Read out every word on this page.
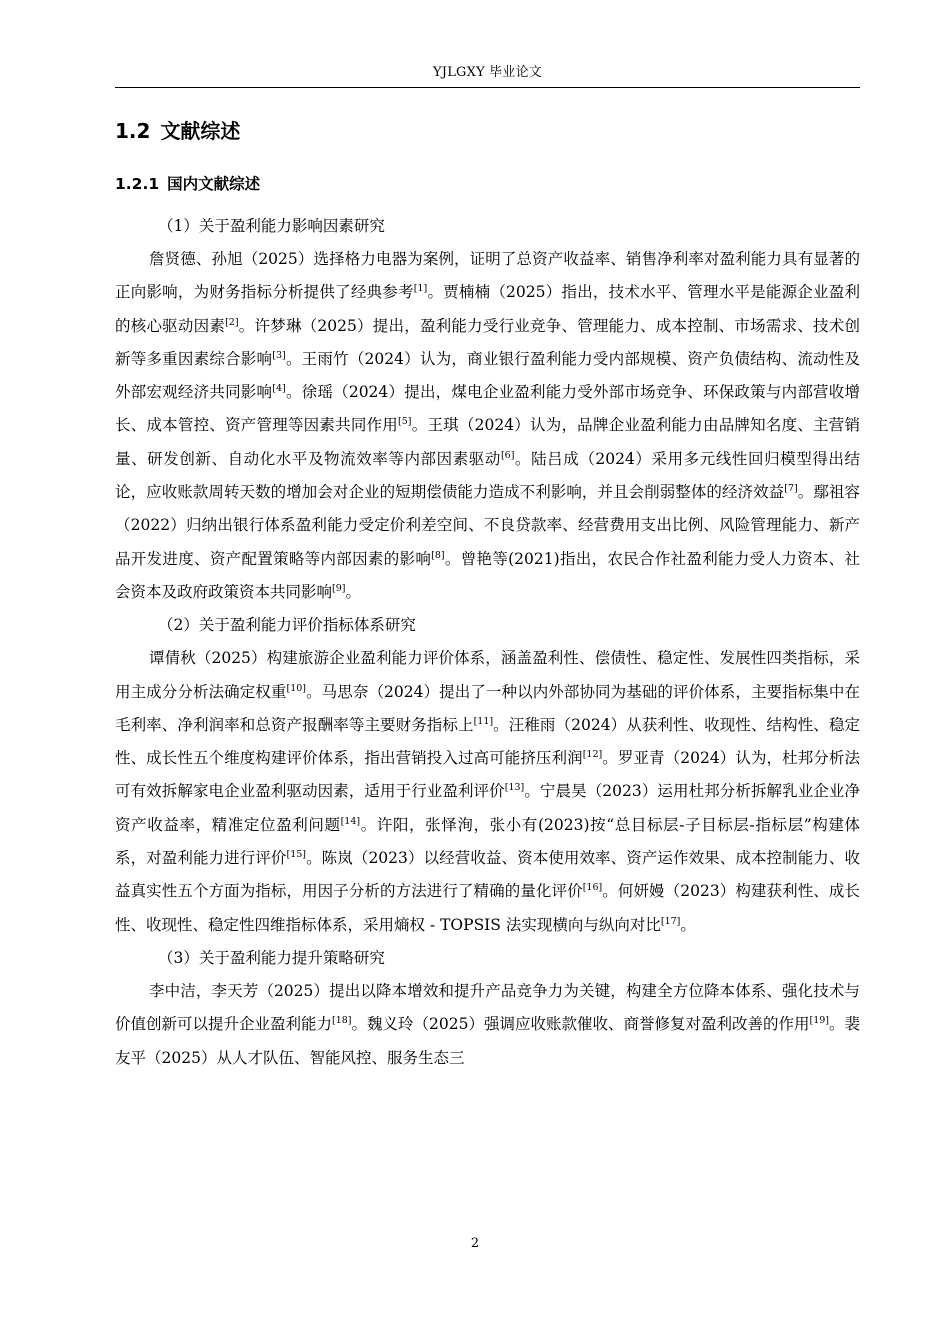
YJLGXY 毕业论文
1.2 文献综述
1.2.1 国内文献综述
（1）关于盈利能力影响因素研究

詹贤德、孙旭（2025）选择格力电器为案例，证明了总资产收益率、销售净利率对盈利能力具有显著的正向影响，为财务指标分析提供了经典参考[1]。贾楠楠（2025）指出，技术水平、管理水平是能源企业盈利的核心驱动因素[2]。许梦琳（2025）提出，盈利能力受行业竞争、管理能力、成本控制、市场需求、技术创新等多重因素综合影响[3]。王雨竹（2024）认为，商业银行盈利能力受内部规模、资产负债结构、流动性及外部宏观经济共同影响[4]。徐瑶（2024）提出，煤电企业盈利能力受外部市场竞争、环保政策与内部营收增长、成本管控、资产管理等因素共同作用[5]。王琪（2024）认为，品牌企业盈利能力由品牌知名度、主营销量、研发创新、自动化水平及物流效率等内部因素驱动[6]。陆吕成（2024）采用多元线性回归模型得出结论，应收账款周转天数的增加会对企业的短期偿债能力造成不利影响，并且会削弱整体的经济效益[7]。鄢祖容（2022）归纳出银行体系盈利能力受定价利差空间、不良贷款率、经营费用支出比例、风险管理能力、新产品开发进度、资产配置策略等内部因素的影响[8]。曾艳等(2021)指出，农民合作社盈利能力受人力资本、社会资本及政府政策资本共同影响[9]。

（2）关于盈利能力评价指标体系研究

谭倩秋（2025）构建旅游企业盈利能力评价体系，涵盖盈利性、偿债性、稳定性、发展性四类指标，采用主成分分析法确定权重[10]。马思奈（2024）提出了一种以内外部协同为基础的评价体系，主要指标集中在毛利率、净利润率和总资产报酬率等主要财务指标上[11]。汪稚雨（2024）从获利性、收现性、结构性、稳定性、成长性五个维度构建评价体系，指出营销投入过高可能挤压利润[12]。罗亚青（2024）认为，杜邦分析法可有效拆解家电企业盈利驱动因素，适用于行业盈利评价[13]。宁晨昊（2023）运用杜邦分析拆解乳业企业净资产收益率，精准定位盈利问题[14]。许阳，张怿洵，张小有(2023)按“总目标层-子目标层-指标层”构建体系，对盈利能力进行评价[15]。陈岚（2023）以经营收益、资本使用效率、资产运作效果、成本控制能力、收益真实性五个方面为指标，用因子分析的方法进行了精确的量化评价[16]。何妍嫚（2023）构建获利性、成长性、收现性、稳定性四维指标体系，采用熵权 - TOPSIS 法实现横向与纵向对比[17]。

（3）关于盈利能力提升策略研究

李中洁，李天芳（2025）提出以降本增效和提升产品竞争力为关键，构建全方位降本体系、强化技术与价值创新可以提升企业盈利能力[18]。魏义玲（2025）强调应收账款催收、商誉修复对盈利改善的作用[19]。裴友平（2025）从人才队伍、智能风控、服务生态三

2
